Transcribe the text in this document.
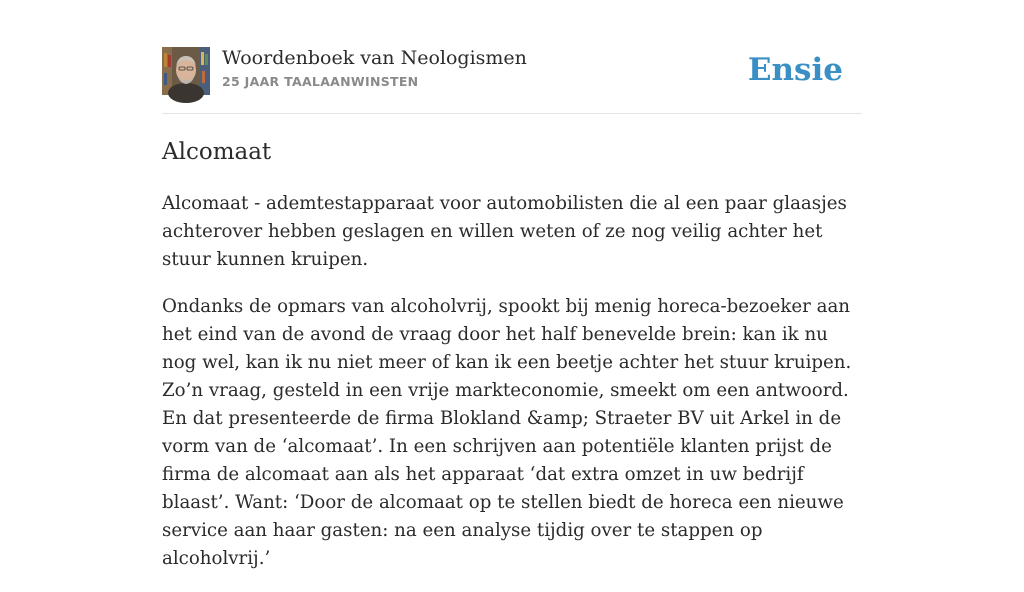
Woordenboek van Neologismen
25 JAAR TAALAANWINSTEN	Ensie
Alcomaat

Alcomaat - ademtestapparaat voor automobilisten die al een paar glaasjes achterover hebben geslagen en willen weten of ze nog veilig achter het stuur kunnen kruipen.

Ondanks de opmars van alcoholvrij, spookt bij menig horeca-bezoeker aan het eind van de avond de vraag door het half benevelde brein: kan ik nu nog wel, kan ik nu niet meer of kan ik een beetje achter het stuur kruipen. Zo’n vraag, gesteld in een vrije markteconomie, smeekt om een antwoord. En dat presenteerde de firma Blokland &amp; Straeter BV uit Arkel in de vorm van de ‘alcomaat’. In een schrijven aan potentiële klanten prijst de firma de alcomaat aan als het apparaat ‘dat extra omzet in uw bedrijf blaast’. Want: ‘Door de alcomaat op te stellen biedt de horeca een nieuwe service aan haar gasten: na een analyse tijdig over te stappen op alcoholvrij.’
